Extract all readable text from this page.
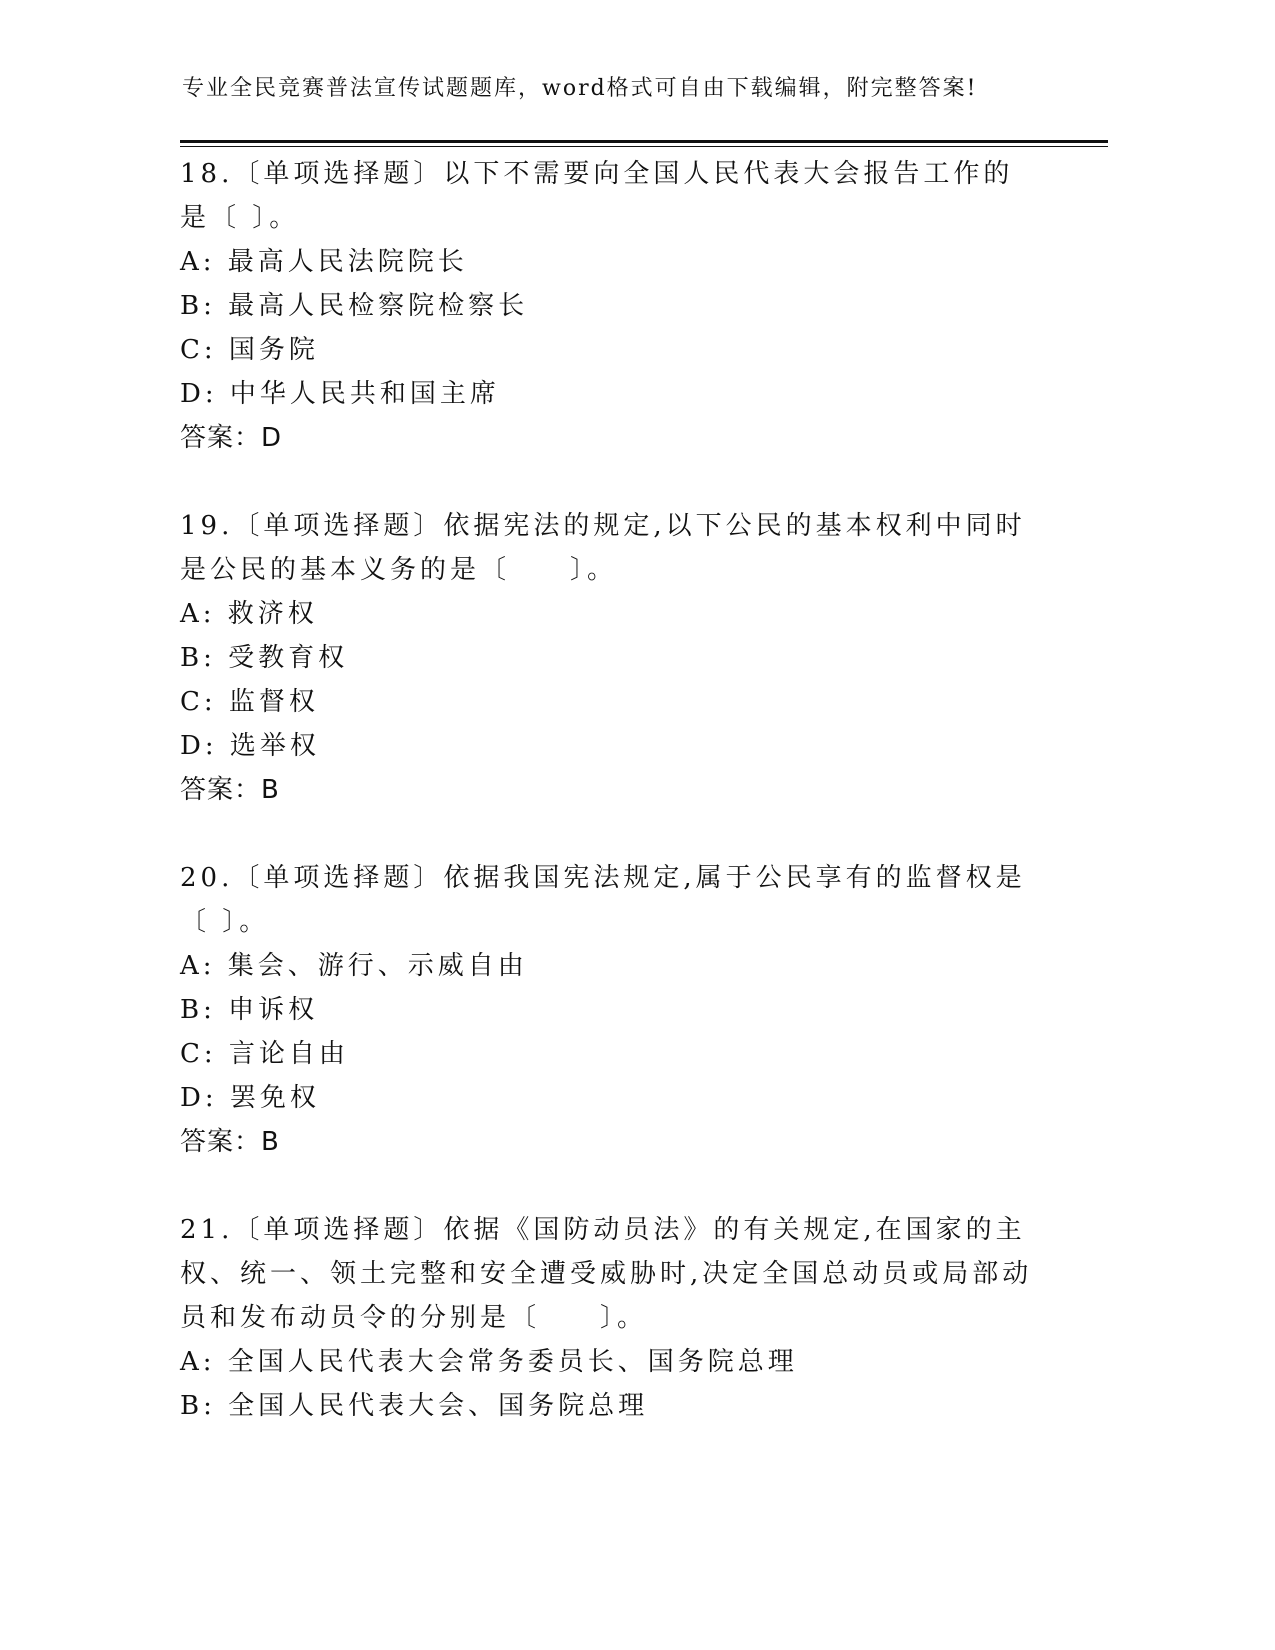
专业全民竞赛普法宣传试题题库，word格式可自由下载编辑，附完整答案!
18.〔单项选择题〕以下不需要向全国人民代表大会报告工作的是〔 〕。
A: 最高人民法院院长
B: 最高人民检察院检察长
C: 国务院
D: 中华人民共和国主席
答案：D
19.〔单项选择题〕依据宪法的规定,以下公民的基本权利中同时是公民的基本义务的是〔　　〕。
A: 救济权
B: 受教育权
C: 监督权
D: 选举权
答案：B
20.〔单项选择题〕依据我国宪法规定,属于公民享有的监督权是〔 〕。
A: 集会、游行、示威自由
B: 申诉权
C: 言论自由
D: 罢免权
答案：B
21.〔单项选择题〕依据《国防动员法》的有关规定,在国家的主权、统一、领土完整和安全遭受威胁时,决定全国总动员或局部动员和发布动员令的分别是〔　　〕。
A: 全国人民代表大会常务委员长、国务院总理
B: 全国人民代表大会、国务院总理
